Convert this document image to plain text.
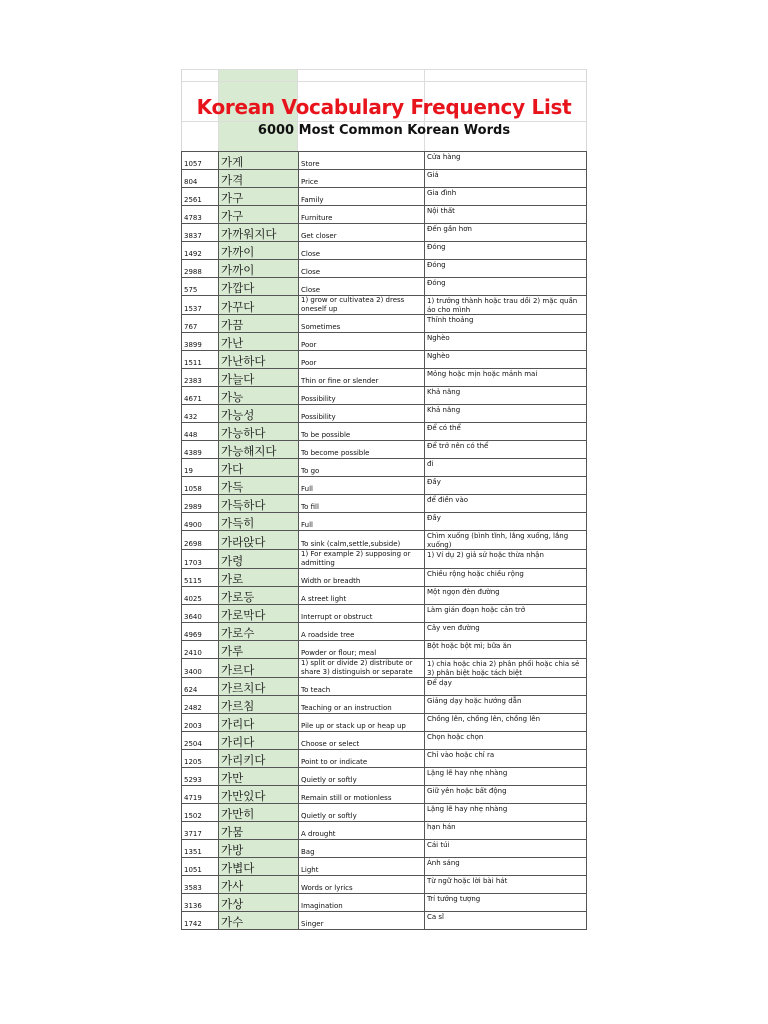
Korean Vocabulary Frequency List
6000 Most Common Korean Words
1057	가게	Store	Cửa hàng
804	가격	Price	Giá
2561	가구	Family	Gia đình
4783	가구	Furniture	Nội thất
3837	가까워지다	Get closer	Đến gần hơn
1492	가까이	Close	Đóng
2988	가까이	Close	Đóng
575	가깝다	Close	Đóng
1537	가꾸다	1) grow or cultivatea 2) dress oneself up	1) trưởng thành hoặc trau dồi 2) mặc quần áo cho mình
767	가끔	Sometimes	Thỉnh thoảng
3899	가난	Poor	Nghèo
1511	가난하다	Poor	Nghèo
2383	가늘다	Thin or fine or slender	Mỏng hoặc mịn hoặc mảnh mai
4671	가능	Possibility	Khả năng
432	가능성	Possibility	Khả năng
448	가능하다	To be possible	Để có thể
4389	가능해지다	To become possible	Để trở nên có thể
19	가다	To go	đi
1058	가득	Full	Đầy
2989	가득하다	To fill	để điền vào
4900	가득히	Full	Đầy
2698	가라앉다	To sink (calm,settle,subside)	Chìm xuống (bình tĩnh, lắng xuống, lắng xuống)
1703	가령	1) For example 2) supposing or admitting	1) Ví dụ 2) giả sử hoặc thừa nhận
5115	가로	Width or breadth	Chiều rộng hoặc chiều rộng
4025	가로등	A street light	Một ngọn đèn đường
3640	가로막다	Interrupt or obstruct	Làm gián đoạn hoặc cản trở
4969	가로수	A roadside tree	Cây ven đường
2410	가루	Powder or flour; meal	Bột hoặc bột mì; bữa ăn
3400	가르다	1) split or divide 2) distribute or share 3) distinguish or separate	1) chia hoặc chia 2) phân phối hoặc chia sẻ 3) phân biệt hoặc tách biệt
624	가르치다	To teach	Để dạy
2482	가르침	Teaching or an instruction	Giảng dạy hoặc hướng dẫn
2003	가리다	Pile up or stack up or heap up	Chồng lên, chồng lên, chồng lên
2504	가리다	Choose or select	Chọn hoặc chọn
1205	가리키다	Point to or indicate	Chỉ vào hoặc chỉ ra
5293	가만	Quietly or softly	Lặng lẽ hay nhẹ nhàng
4719	가만있다	Remain still or motionless	Giữ yên hoặc bất động
1502	가만히	Quietly or softly	Lặng lẽ hay nhẹ nhàng
3717	가뭄	A drought	hạn hán
1351	가방	Bag	Cái túi
1051	가볍다	Light	Ánh sáng
3583	가사	Words or lyrics	Từ ngữ hoặc lời bài hát
3136	가상	Imagination	Trí tưởng tượng
1742	가수	Singer	Ca sĩ
